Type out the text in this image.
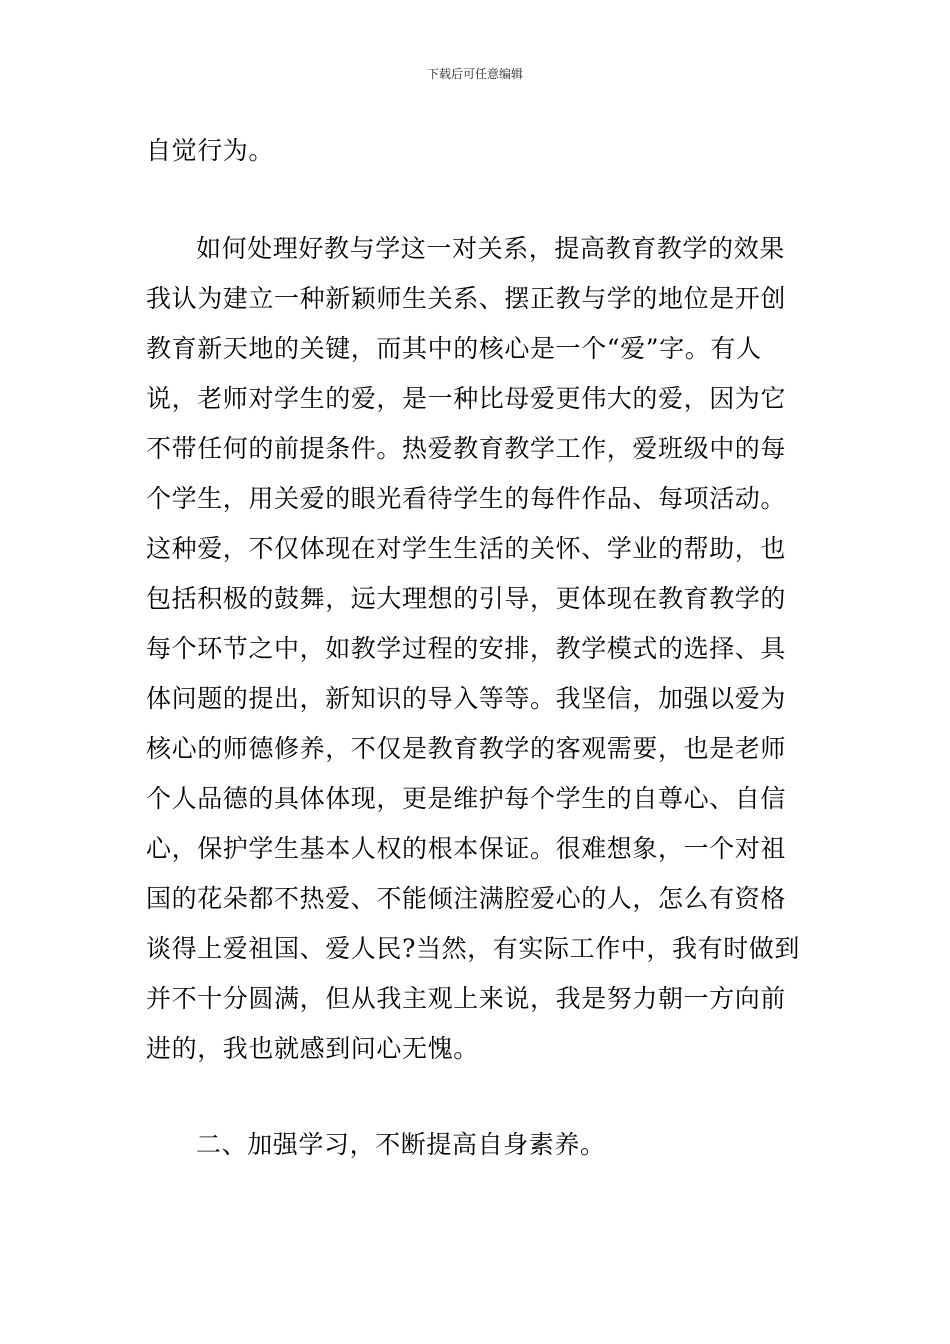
下载后可任意编辑

自觉行为。

如何处理好教与学这一对关系，提高教育教学的效果
我认为建立一种新颖师生关系、摆正教与学的地位是开创
教育新天地的关键，而其中的核心是一个“爱”字。有人
说，老师对学生的爱，是一种比母爱更伟大的爱，因为它
不带任何的前提条件。热爱教育教学工作，爱班级中的每
个学生，用关爱的眼光看待学生的每件作品、每项活动。
这种爱，不仅体现在对学生生活的关怀、学业的帮助，也
包括积极的鼓舞，远大理想的引导，更体现在教育教学的
每个环节之中，如教学过程的安排，教学模式的选择、具
体问题的提出，新知识的导入等等。我坚信，加强以爱为
核心的师德修养，不仅是教育教学的客观需要，也是老师
个人品德的具体体现，更是维护每个学生的自尊心、自信
心，保护学生基本人权的根本保证。很难想象，一个对祖
国的花朵都不热爱、不能倾注满腔爱心的人，怎么有资格
谈得上爱祖国、爱人民?当然，有实际工作中，我有时做到
并不十分圆满，但从我主观上来说，我是努力朝一方向前
进的，我也就感到问心无愧。

二、加强学习，不断提高自身素养。
